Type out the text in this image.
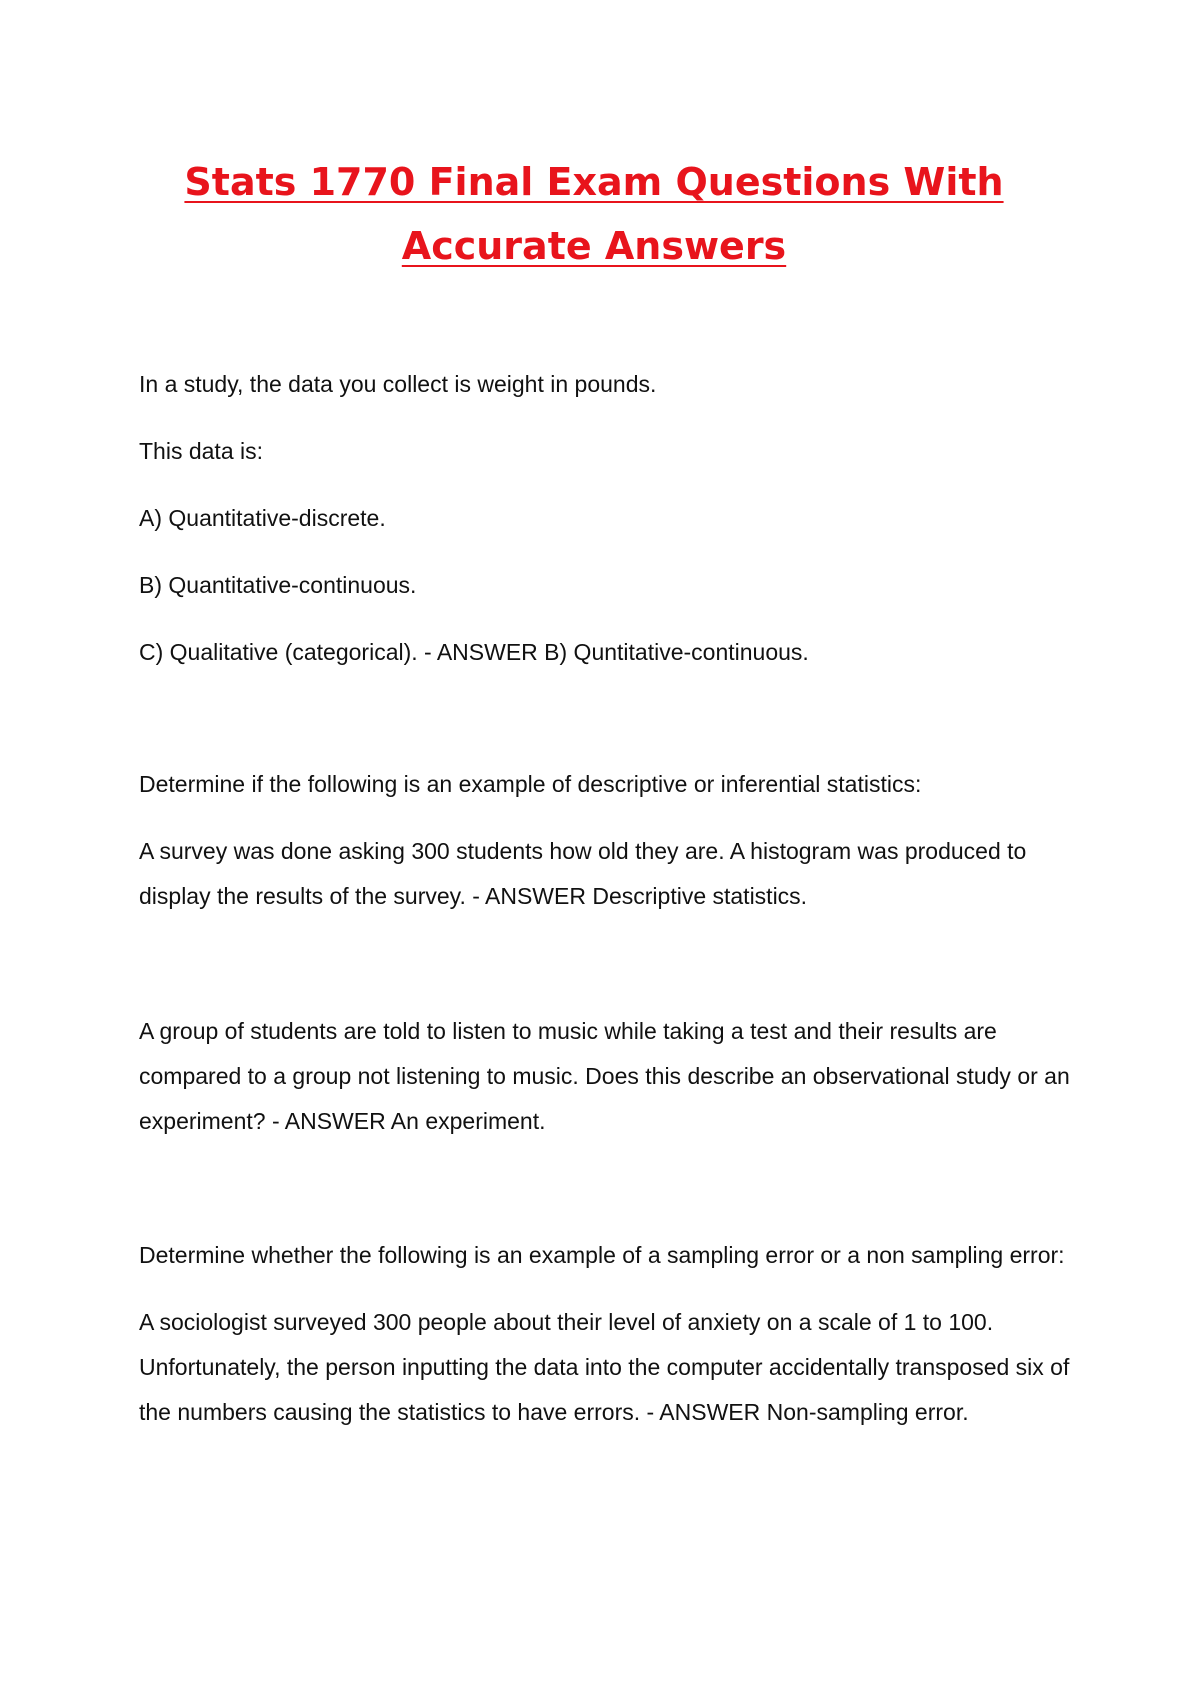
Stats 1770 Final Exam Questions With
Accurate Answers

In a study, the data you collect is weight in pounds.

This data is:

A) Quantitative-discrete.

B) Quantitative-continuous.

C) Qualitative (categorical). - ANSWER B) Quntitative-continuous.

Determine if the following is an example of descriptive or inferential statistics:

A survey was done asking 300 students how old they are. A histogram was produced to display the results of the survey. - ANSWER Descriptive statistics.

A group of students are told to listen to music while taking a test and their results are compared to a group not listening to music. Does this describe an observational study or an experiment? - ANSWER An experiment.

Determine whether the following is an example of a sampling error or a non sampling error:

A sociologist surveyed 300 people about their level of anxiety on a scale of 1 to 100. Unfortunately, the person inputting the data into the computer accidentally transposed six of the numbers causing the statistics to have errors. - ANSWER Non-sampling error.
